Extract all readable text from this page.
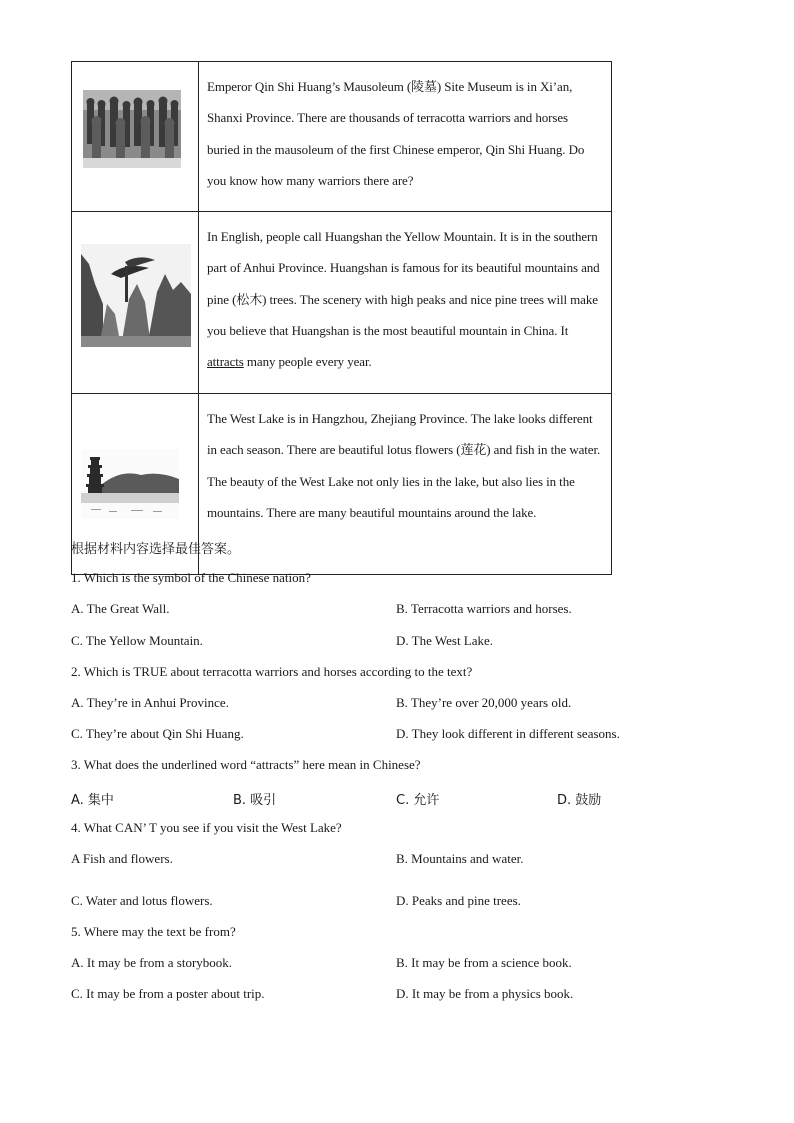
	Emperor Qin Shi Huang’s Mausoleum (陵墓) Site Museum is in Xi’an, Shanxi Province. There are thousands of terracotta warriors and horses buried in the mausoleum of the first Chinese emperor, Qin Shi Huang. Do you know how many warriors there are?

	In English, people call Huangshan the Yellow Mountain. It is in the southern part of Anhui Province. Huangshan is famous for its beautiful mountains and pine (松木) trees. The scenery with high peaks and nice pine trees will make you believe that Huangshan is the most beautiful mountain in China. It attracts many people every year.

	The West Lake is in Hangzhou, Zhejiang Province. The lake looks different in each season. There are beautiful lotus flowers (莲花) and fish in the water. The beauty of the West Lake not only lies in the lake, but also lies in the mountains. There are many beautiful mountains around the lake.
根据材料内容选择最佳答案。
1. Which is the symbol of the Chinese nation?
A. The Great Wall.	B. Terracotta warriors and horses.
C. The Yellow Mountain.	D. The West Lake.
2. Which is TRUE about terracotta warriors and horses according to the text?
A. They’re in Anhui Province.	B. They’re over 20,000 years old.
C. They’re about Qin Shi Huang.	D. They look different in different seasons.
3. What does the underlined word “attracts” here mean in Chinese?
A. 集中	B. 吸引	C. 允许	D. 鼓励
4. What CAN’ T you see if you visit the West Lake?
A Fish and flowers.	B. Mountains and water.
C. Water and lotus flowers.	D. Peaks and pine trees.
5. Where may the text be from?
A. It may be from a storybook.	B. It may be from a science book.
C. It may be from a poster about trip.	D. It may be from a physics book.
